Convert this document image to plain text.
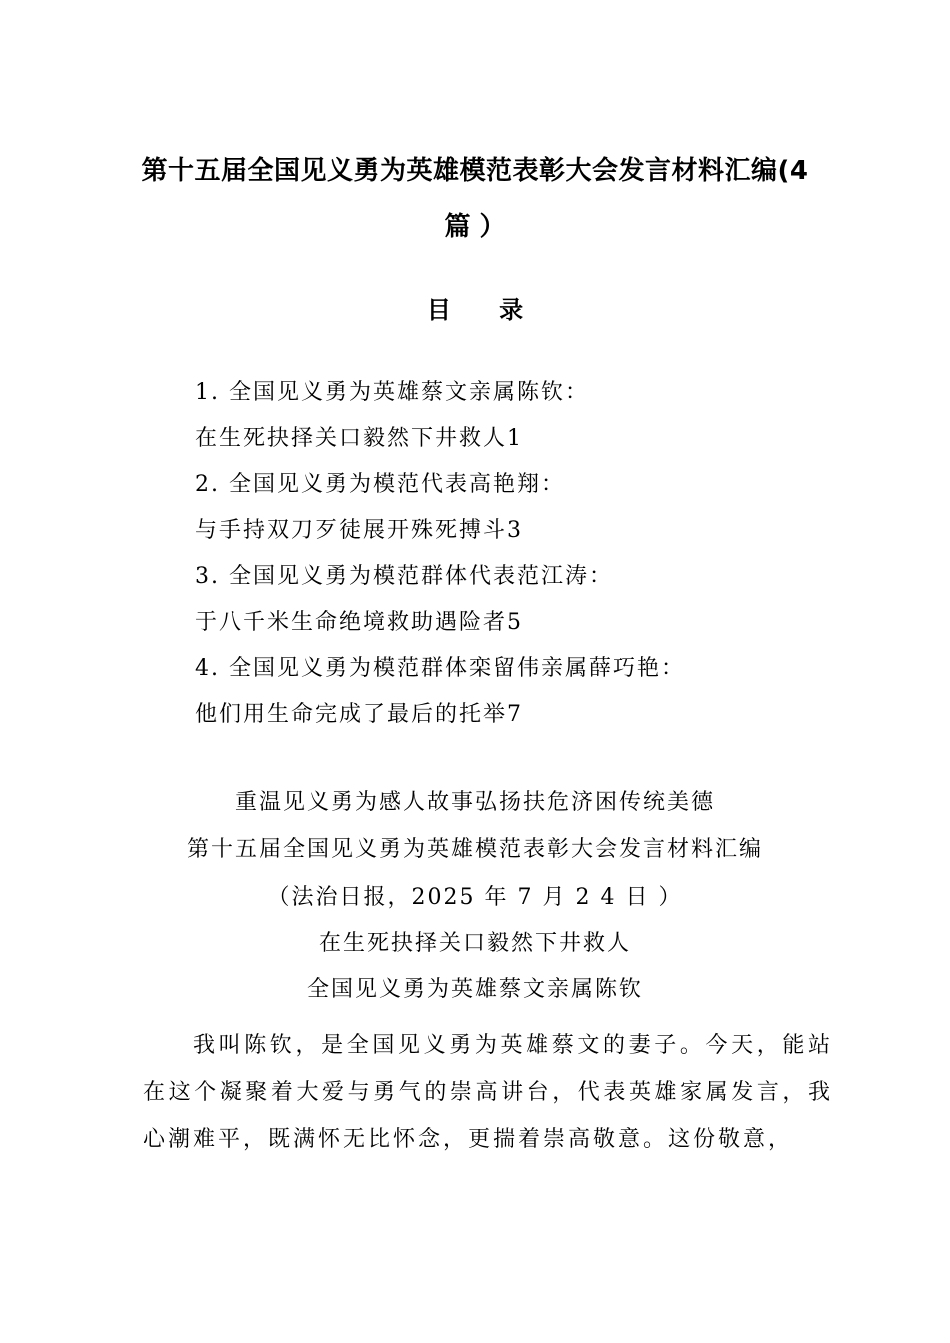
第十五届全国见义勇为英雄模范表彰大会发言材料汇编(4
篇 ）
目 录
1. 全国见义勇为英雄蔡文亲属陈钦：
在生死抉择关口毅然下井救人1
2. 全国见义勇为模范代表高艳翔：
与手持双刀歹徒展开殊死搏斗3
3. 全国见义勇为模范群体代表范江涛：
于八千米生命绝境救助遇险者5
4. 全国见义勇为模范群体栾留伟亲属薛巧艳：
他们用生命完成了最后的托举7
重温见义勇为感人故事弘扬扶危济困传统美德
第十五届全国见义勇为英雄模范表彰大会发言材料汇编
（法治日报，2025 年 7 月 2 4 日 ）
在生死抉择关口毅然下井救人
全国见义勇为英雄蔡文亲属陈钦
我叫陈钦，是全国见义勇为英雄蔡文的妻子。今天，能站在这个凝聚着大爱与勇气的崇高讲台，代表英雄家属发言，我心潮难平，既满怀无比怀念，更揣着崇高敬意。这份敬意，
